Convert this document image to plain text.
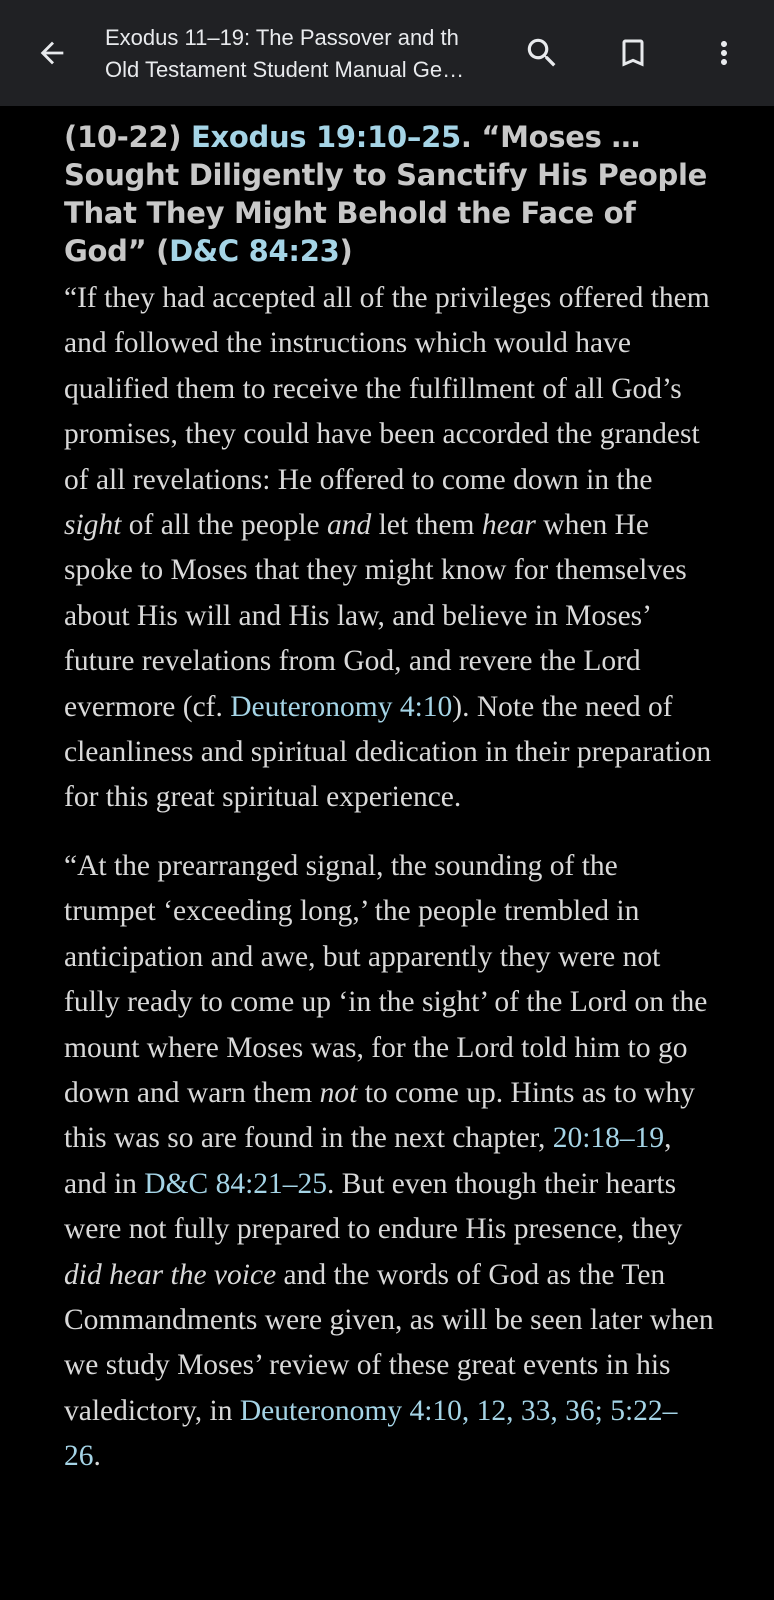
Exodus 11–19: The Passover and th
Old Testament Student Manual Ge…
(10-22) Exodus 19:10–25. “Moses … Sought Diligently to Sanctify His People That They Might Behold the Face of God” (D&C 84:23)

“If they had accepted all of the privileges offered them and followed the instructions which would have qualified them to receive the fulfillment of all God’s promises, they could have been accorded the grandest of all revelations: He offered to come down in the sight of all the people and let them hear when He spoke to Moses that they might know for themselves about His will and His law, and believe in Moses’ future revelations from God, and revere the Lord evermore (cf. Deuteronomy 4:10). Note the need of cleanliness and spiritual dedication in their preparation for this great spiritual experience.

“At the prearranged signal, the sounding of the trumpet ‘exceeding long,’ the people trembled in anticipation and awe, but apparently they were not fully ready to come up ‘in the sight’ of the Lord on the mount where Moses was, for the Lord told him to go down and warn them not to come up. Hints as to why this was so are found in the next chapter, 20:18–19, and in D&C 84:21–25. But even though their hearts were not fully prepared to endure His presence, they did hear the voice and the words of God as the Ten Commandments were given, as will be seen later when we study Moses’ review of these great events in his valedictory, in Deuteronomy 4:10, 12, 33, 36; 5:22–26.
